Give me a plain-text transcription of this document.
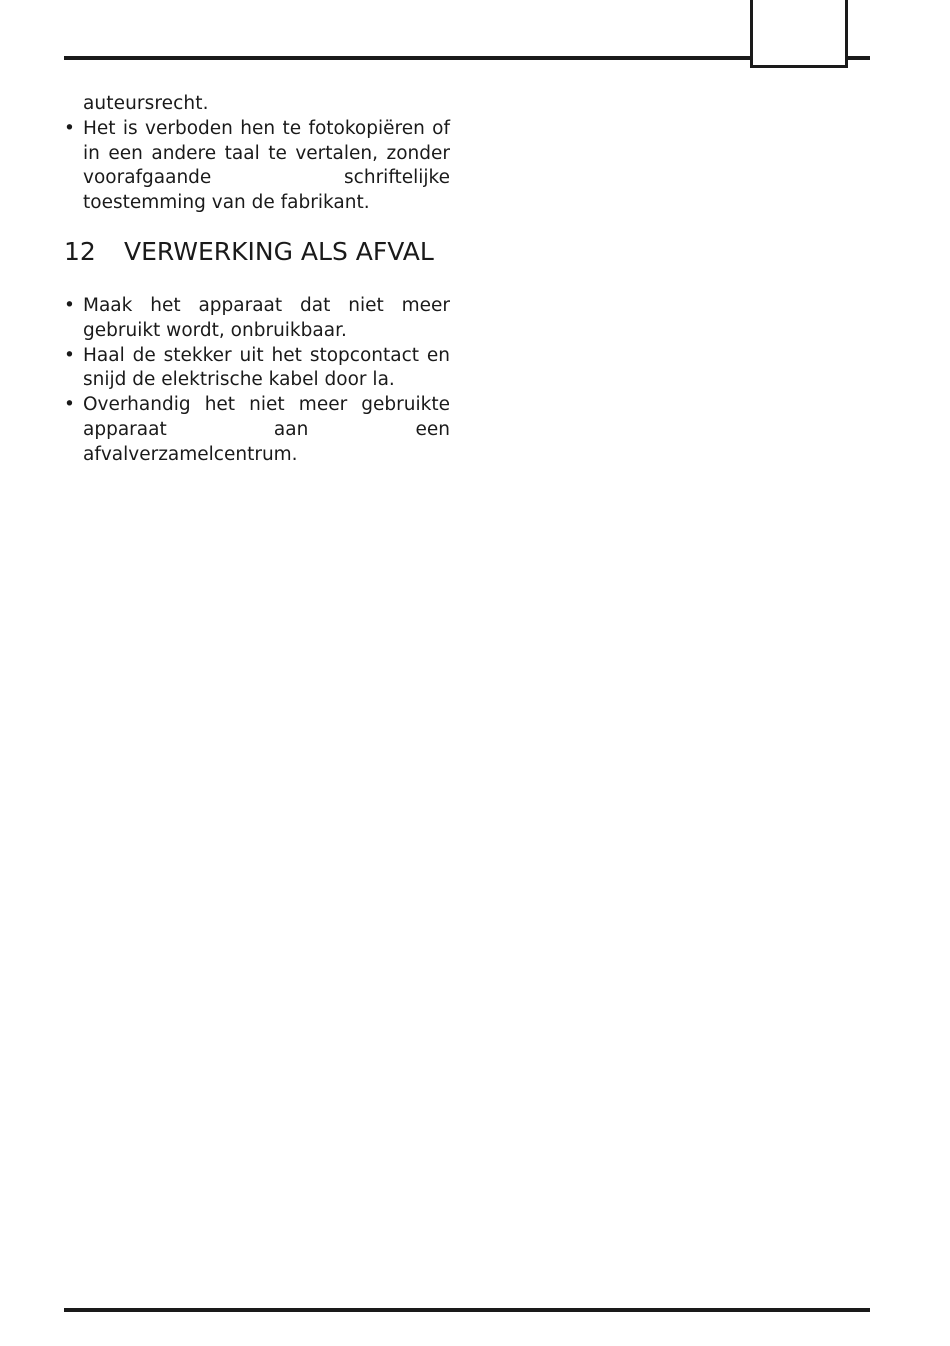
auteursrecht.

• Het is verboden hen te fotokopiëren of in een andere taal te vertalen, zonder voorafgaande schriftelijke toestemming van de fabrikant.
12	VERWERKING ALS AFVAL
• Maak het apparaat dat niet meer gebruikt wordt, onbruikbaar.
• Haal de stekker uit het stopcontact en snijd de elektrische kabel door la.
• Overhandig het niet meer gebruikte apparaat aan een afvalverzamelcentrum.
